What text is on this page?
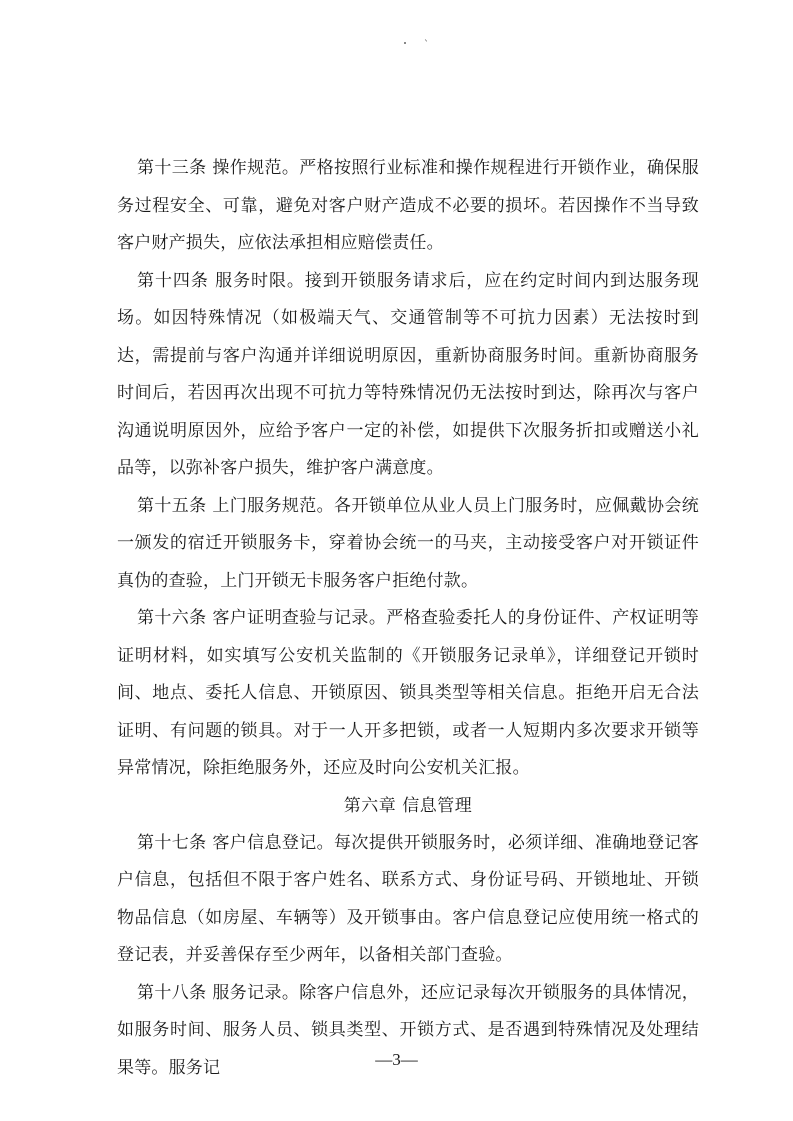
`

第十三条 操作规范。严格按照行业标准和操作规程进行开锁作业，确保服务过程安全、可靠，避免对客户财产造成不必要的损坏。若因操作不当导致客户财产损失，应依法承担相应赔偿责任。

第十四条 服务时限。接到开锁服务请求后，应在约定时间内到达服务现场。如因特殊情况（如极端天气、交通管制等不可抗力因素）无法按时到达，需提前与客户沟通并详细说明原因，重新协商服务时间。重新协商服务时间后，若因再次出现不可抗力等特殊情况仍无法按时到达，除再次与客户沟通说明原因外，应给予客户一定的补偿，如提供下次服务折扣或赠送小礼品等，以弥补客户损失，维护客户满意度。

第十五条 上门服务规范。各开锁单位从业人员上门服务时，应佩戴协会统一颁发的宿迁开锁服务卡，穿着协会统一的马夹，主动接受客户对开锁证件真伪的查验，上门开锁无卡服务客户拒绝付款。

第十六条 客户证明查验与记录。严格查验委托人的身份证件、产权证明等证明材料，如实填写公安机关监制的《开锁服务记录单》，详细登记开锁时间、地点、委托人信息、开锁原因、锁具类型等相关信息。拒绝开启无合法证明、有问题的锁具。对于一人开多把锁，或者一人短期内多次要求开锁等异常情况，除拒绝服务外，还应及时向公安机关汇报。

第六章 信息管理

第十七条 客户信息登记。每次提供开锁服务时，必须详细、准确地登记客户信息，包括但不限于客户姓名、联系方式、身份证号码、开锁地址、开锁物品信息（如房屋、车辆等）及开锁事由。客户信息登记应使用统一格式的登记表，并妥善保存至少两年，以备相关部门查验。

第十八条 服务记录。除客户信息外，还应记录每次开锁服务的具体情况，如服务时间、服务人员、锁具类型、开锁方式、是否遇到特殊情况及处理结果等。服务记	—3—
